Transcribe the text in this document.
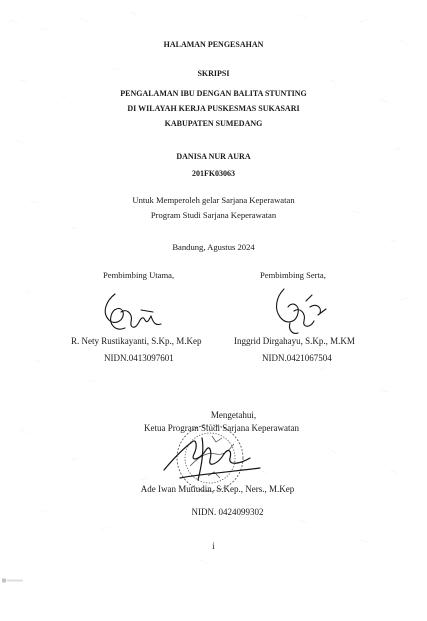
HALAMAN PENGESAHAN
SKRIPSI
PENGALAMAN IBU DENGAN BALITA STUNTING
DI WILAYAH KERJA PUSKESMAS SUKASARI
KABUPATEN SUMEDANG
DANISA NUR AURA
201FK03063
Untuk Memperoleh gelar Sarjana Keperawatan
Program Studi Sarjana Keperawatan
Bandung, Agustus 2024
Pembimbing Utama,	Pembimbing Serta,
R. Nety Rustikayanti, S.Kp., M.Kep	Inggrid Dirgahayu, S.Kp., M.KM
NIDN.0413097601	NIDN.0421067504
Mengetahui,
Ketua Program Studi Sarjana Keperawatan
Ade Iwan Mutiudin, S.Kep., Ners., M.Kep
NIDN. 0424099302
i
